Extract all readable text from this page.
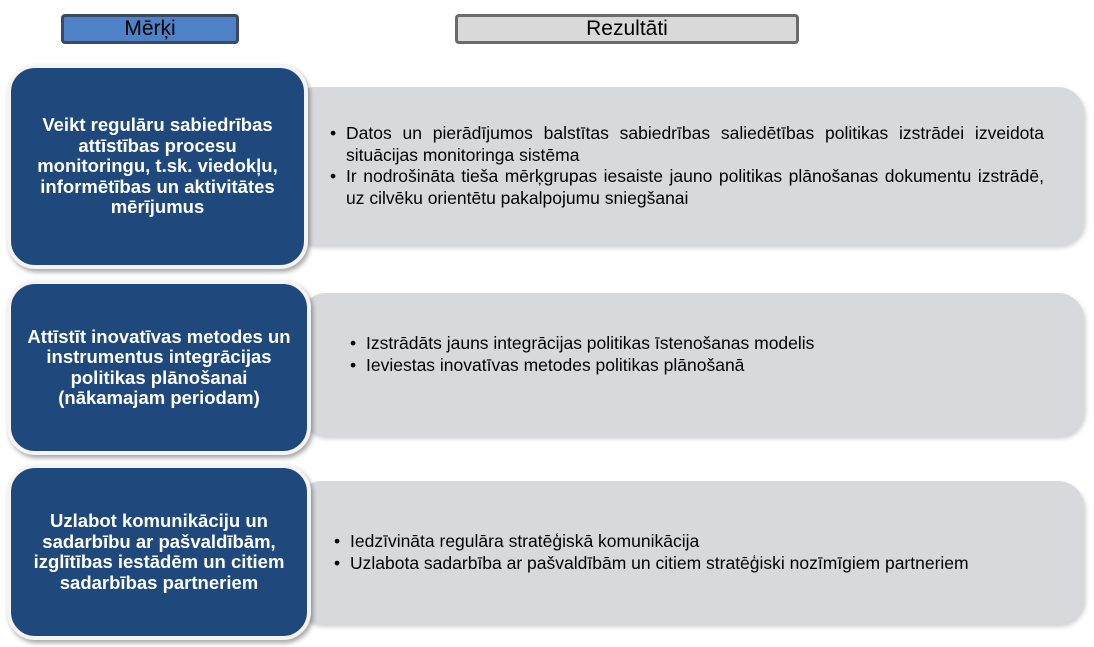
Mērķi	Rezultāti
• Datos un pierādījumos balstītas sabiedrības saliedētības politikas izstrādei izveidota situācijas monitoringa sistēma
• Ir nodrošināta tieša mērķgrupas iesaiste jauno politikas plānošanas dokumentu izstrādē, uz cilvēku orientētu pakalpojumu sniegšanai
Veikt regulāru sabiedrības attīstības procesu monitoringu, t.sk. viedokļu, informētības un aktivitātes mērījumus
• Izstrādāts jauns integrācijas politikas īstenošanas modelis
• Ieviestas inovatīvas metodes politikas plānošanā
Attīstīt inovatīvas metodes un instrumentus integrācijas politikas plānošanai (nākamajam periodam)
• Iedzīvināta regulāra stratēģiskā komunikācija
• Uzlabota sadarbība ar pašvaldībām un citiem stratēģiski nozīmīgiem partneriem
Uzlabot komunikāciju un sadarbību ar pašvaldībām, izglītības iestādēm un citiem sadarbības partneriem
